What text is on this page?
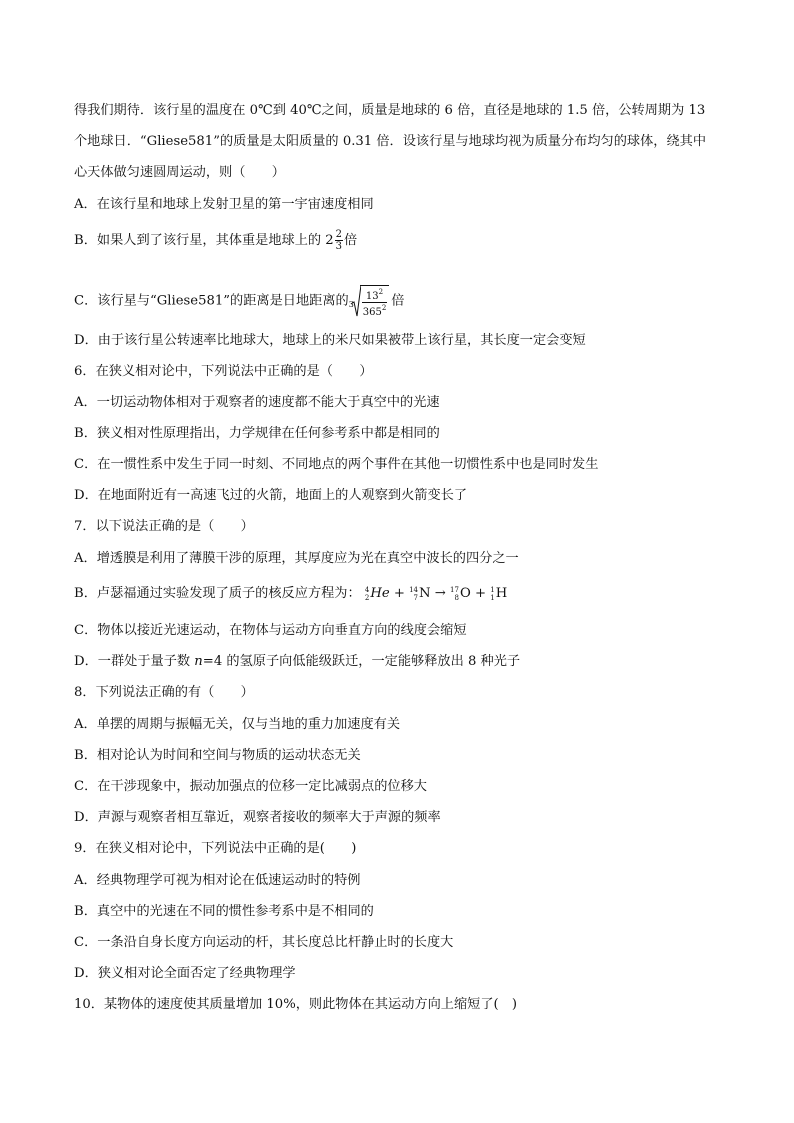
得我们期待．该行星的温度在 0℃到 40℃之间，质量是地球的 6 倍，直径是地球的 1.5 倍，公转周期为 13
个地球日．“Gliese581”的质量是太阳质量的 0.31 倍．设该行星与地球均视为质量分布均匀的球体，绕其中
心天体做匀速圆周运动，则（　　）
A．在该行星和地球上发射卫星的第一宇宙速度相同
B．如果人到了该行星，其体重是地球上的 $2 \frac{2}{3}$ 倍
C．该行星与“Gliese581”的距离是日地距离的 $3 \frac{13^2}{365^2}$ 倍
D．由于该行星公转速率比地球大，地球上的米尺如果被带上该行星，其长度一定会变短
6．在狭义相对论中，下列说法中正确的是（　　）
A．一切运动物体相对于观察者的速度都不能大于真空中的光速
B．狭义相对性原理指出，力学规律在任何参考系中都是相同的
C．在一惯性系中发生于同一时刻、不同地点的两个事件在其他一切惯性系中也是同时发生
D．在地面附近有一高速飞过的火箭，地面上的人观察到火箭变长了
7．以下说法正确的是（　　）
A．增透膜是利用了薄膜干涉的原理，其厚度应为光在真空中波长的四分之一
B．卢瑟福通过实验发现了质子的核反应方程为： 4
2 He + 14
7 N → 17
8 O + 1
1 H
C．物体以接近光速运动，在物体与运动方向垂直方向的线度会缩短
D．一群处于量子数 n=4 的氢原子向低能级跃迁，一定能够释放出 8 种光子
8．下列说法正确的有（　　）
A．单摆的周期与振幅无关，仅与当地的重力加速度有关
B．相对论认为时间和空间与物质的运动状态无关
C．在干涉现象中，振动加强点的位移一定比减弱点的位移大
D．声源与观察者相互靠近，观察者接收的频率大于声源的频率
9．在狭义相对论中，下列说法中正确的是(　　)
A．经典物理学可视为相对论在低速运动时的特例
B．真空中的光速在不同的惯性参考系中是不相同的
C．一条沿自身长度方向运动的杆，其长度总比杆静止时的长度大
D．狭义相对论全面否定了经典物理学
10．某物体的速度使其质量增加 10%，则此物体在其运动方向上缩短了(　)
